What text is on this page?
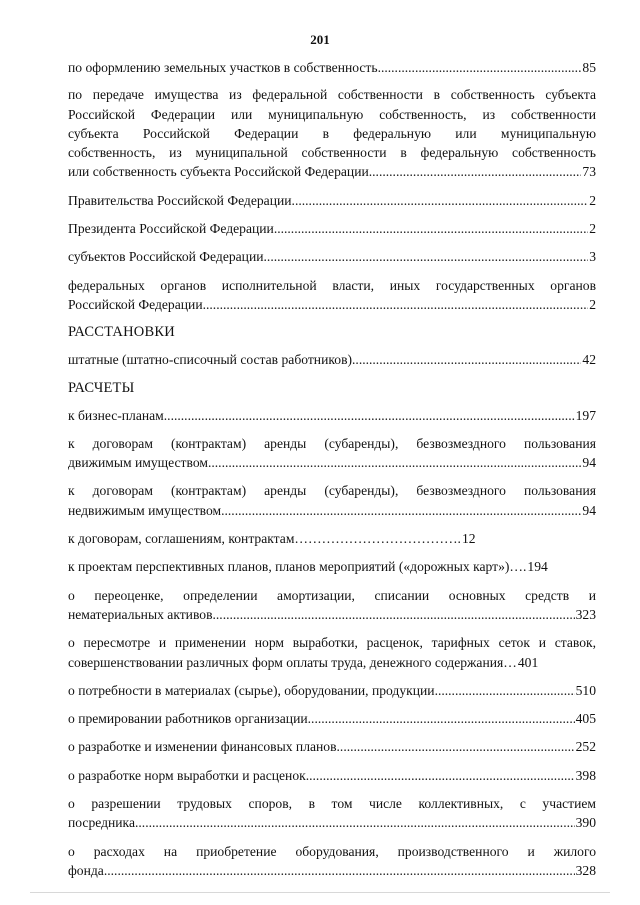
201
по оформлению земельных участков в собственность .....	85
по передаче имущества из федеральной собственности в собственность субъекта
Российской Федерации или муниципальную собственность, из собственности
субъекта Российской Федерации в федеральную или муниципальную
собственность, из муниципальной собственности в федеральную собственность
или собственность субъекта Российской Федерации .....	73
Правительства Российской Федерации .....	2
Президента Российской Федерации .....	2
субъектов Российской Федерации .....	3
федеральных органов исполнительной власти, иных государственных органов
Российской Федерации .....	2
РАССТАНОВКИ
штатные (штатно-списочный состав работников) .....	42
РАСЧЕТЫ
к бизнес-планам .....	197
к договорам (контрактам) аренды (субаренды), безвозмездного пользования
движимым имуществом .....	94
к договорам (контрактам) аренды (субаренды), безвозмездного пользования
недвижимым имуществом .....	94
к договорам, соглашениям, контрактам………………………………. 12
к проектам перспективных планов, планов мероприятий («дорожных карт»)…. 194
о переоценке, определении амортизации, списании основных средств и
нематериальных активов .....	323
о пересмотре и применении норм выработки, расценок, тарифных сеток и ставок,
совершенствовании различных форм оплаты труда, денежного содержания… 401
о потребности в материалах (сырье), оборудовании, продукции .....	510
о премировании работников организации .....	405
о разработке и изменении финансовых планов .....	252
о разработке норм выработки и расценок .....	398
о разрешении трудовых споров, в том числе коллективных, с участием
посредника .....	390
о расходах на приобретение оборудования, производственного и жилого
фонда .....	328
